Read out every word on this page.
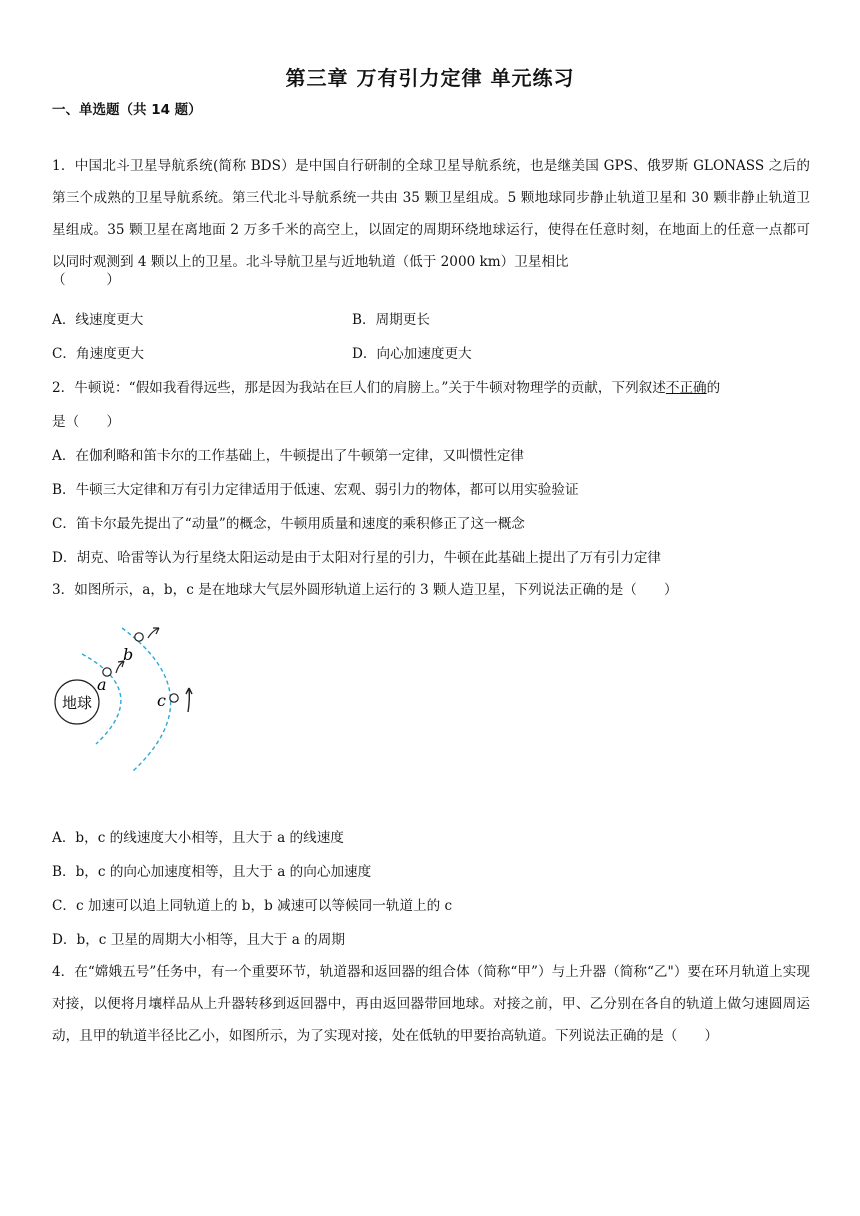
第三章 万有引力定律 单元练习
一、单选题（共 14 题）
1．中国北斗卫星导航系统(简称 BDS）是中国自行研制的全球卫星导航系统，也是继美国 GPS、俄罗斯 GLONASS 之后的第三个成熟的卫星导航系统。第三代北斗导航系统一共由 35 颗卫星组成。5 颗地球同步静止轨道卫星和 30 颗非静止轨道卫星组成。35 颗卫星在离地面 2 万多千米的高空上，以固定的周期环绕地球运行，使得在任意时刻，在地面上的任意一点都可以同时观测到 4 颗以上的卫星。北斗导航卫星与近地轨道（低于 2000 km）卫星相比
（　　　）
A．线速度更大	B．周期更长
C．角速度更大	D．向心加速度更大
2．牛顿说：“假如我看得远些，那是因为我站在巨人们的肩膀上。”关于牛顿对物理学的贡献，下列叙述不正确的
是（　　）
A．在伽利略和笛卡尔的工作基础上，牛顿提出了牛顿第一定律，又叫惯性定律
B．牛顿三大定律和万有引力定律适用于低速、宏观、弱引力的物体，都可以用实验验证
C．笛卡尔最先提出了“动量”的概念，牛顿用质量和速度的乘积修正了这一概念
D．胡克、哈雷等认为行星绕太阳运动是由于太阳对行星的引力，牛顿在此基础上提出了万有引力定律
3．如图所示，a，b，c 是在地球大气层外圆形轨道上运行的 3 颗人造卫星，下列说法正确的是（　　）
地球
a
b
c
A．b，c 的线速度大小相等，且大于 a 的线速度
B．b，c 的向心加速度相等，且大于 a 的向心加速度
C．c 加速可以追上同轨道上的 b，b 减速可以等候同一轨道上的 c
D．b，c 卫星的周期大小相等，且大于 a 的周期
4．在“嫦娥五号”任务中，有一个重要环节，轨道器和返回器的组合体（简称“甲”）与上升器（简称“乙"）要在环月轨道上实现对接，以便将月壤样品从上升器转移到返回器中，再由返回器带回地球。对接之前，甲、乙分别在各自的轨道上做匀速圆周运动，且甲的轨道半径比乙小，如图所示，为了实现对接，处在低轨的甲要抬高轨道。下列说法正确的是（　　）
